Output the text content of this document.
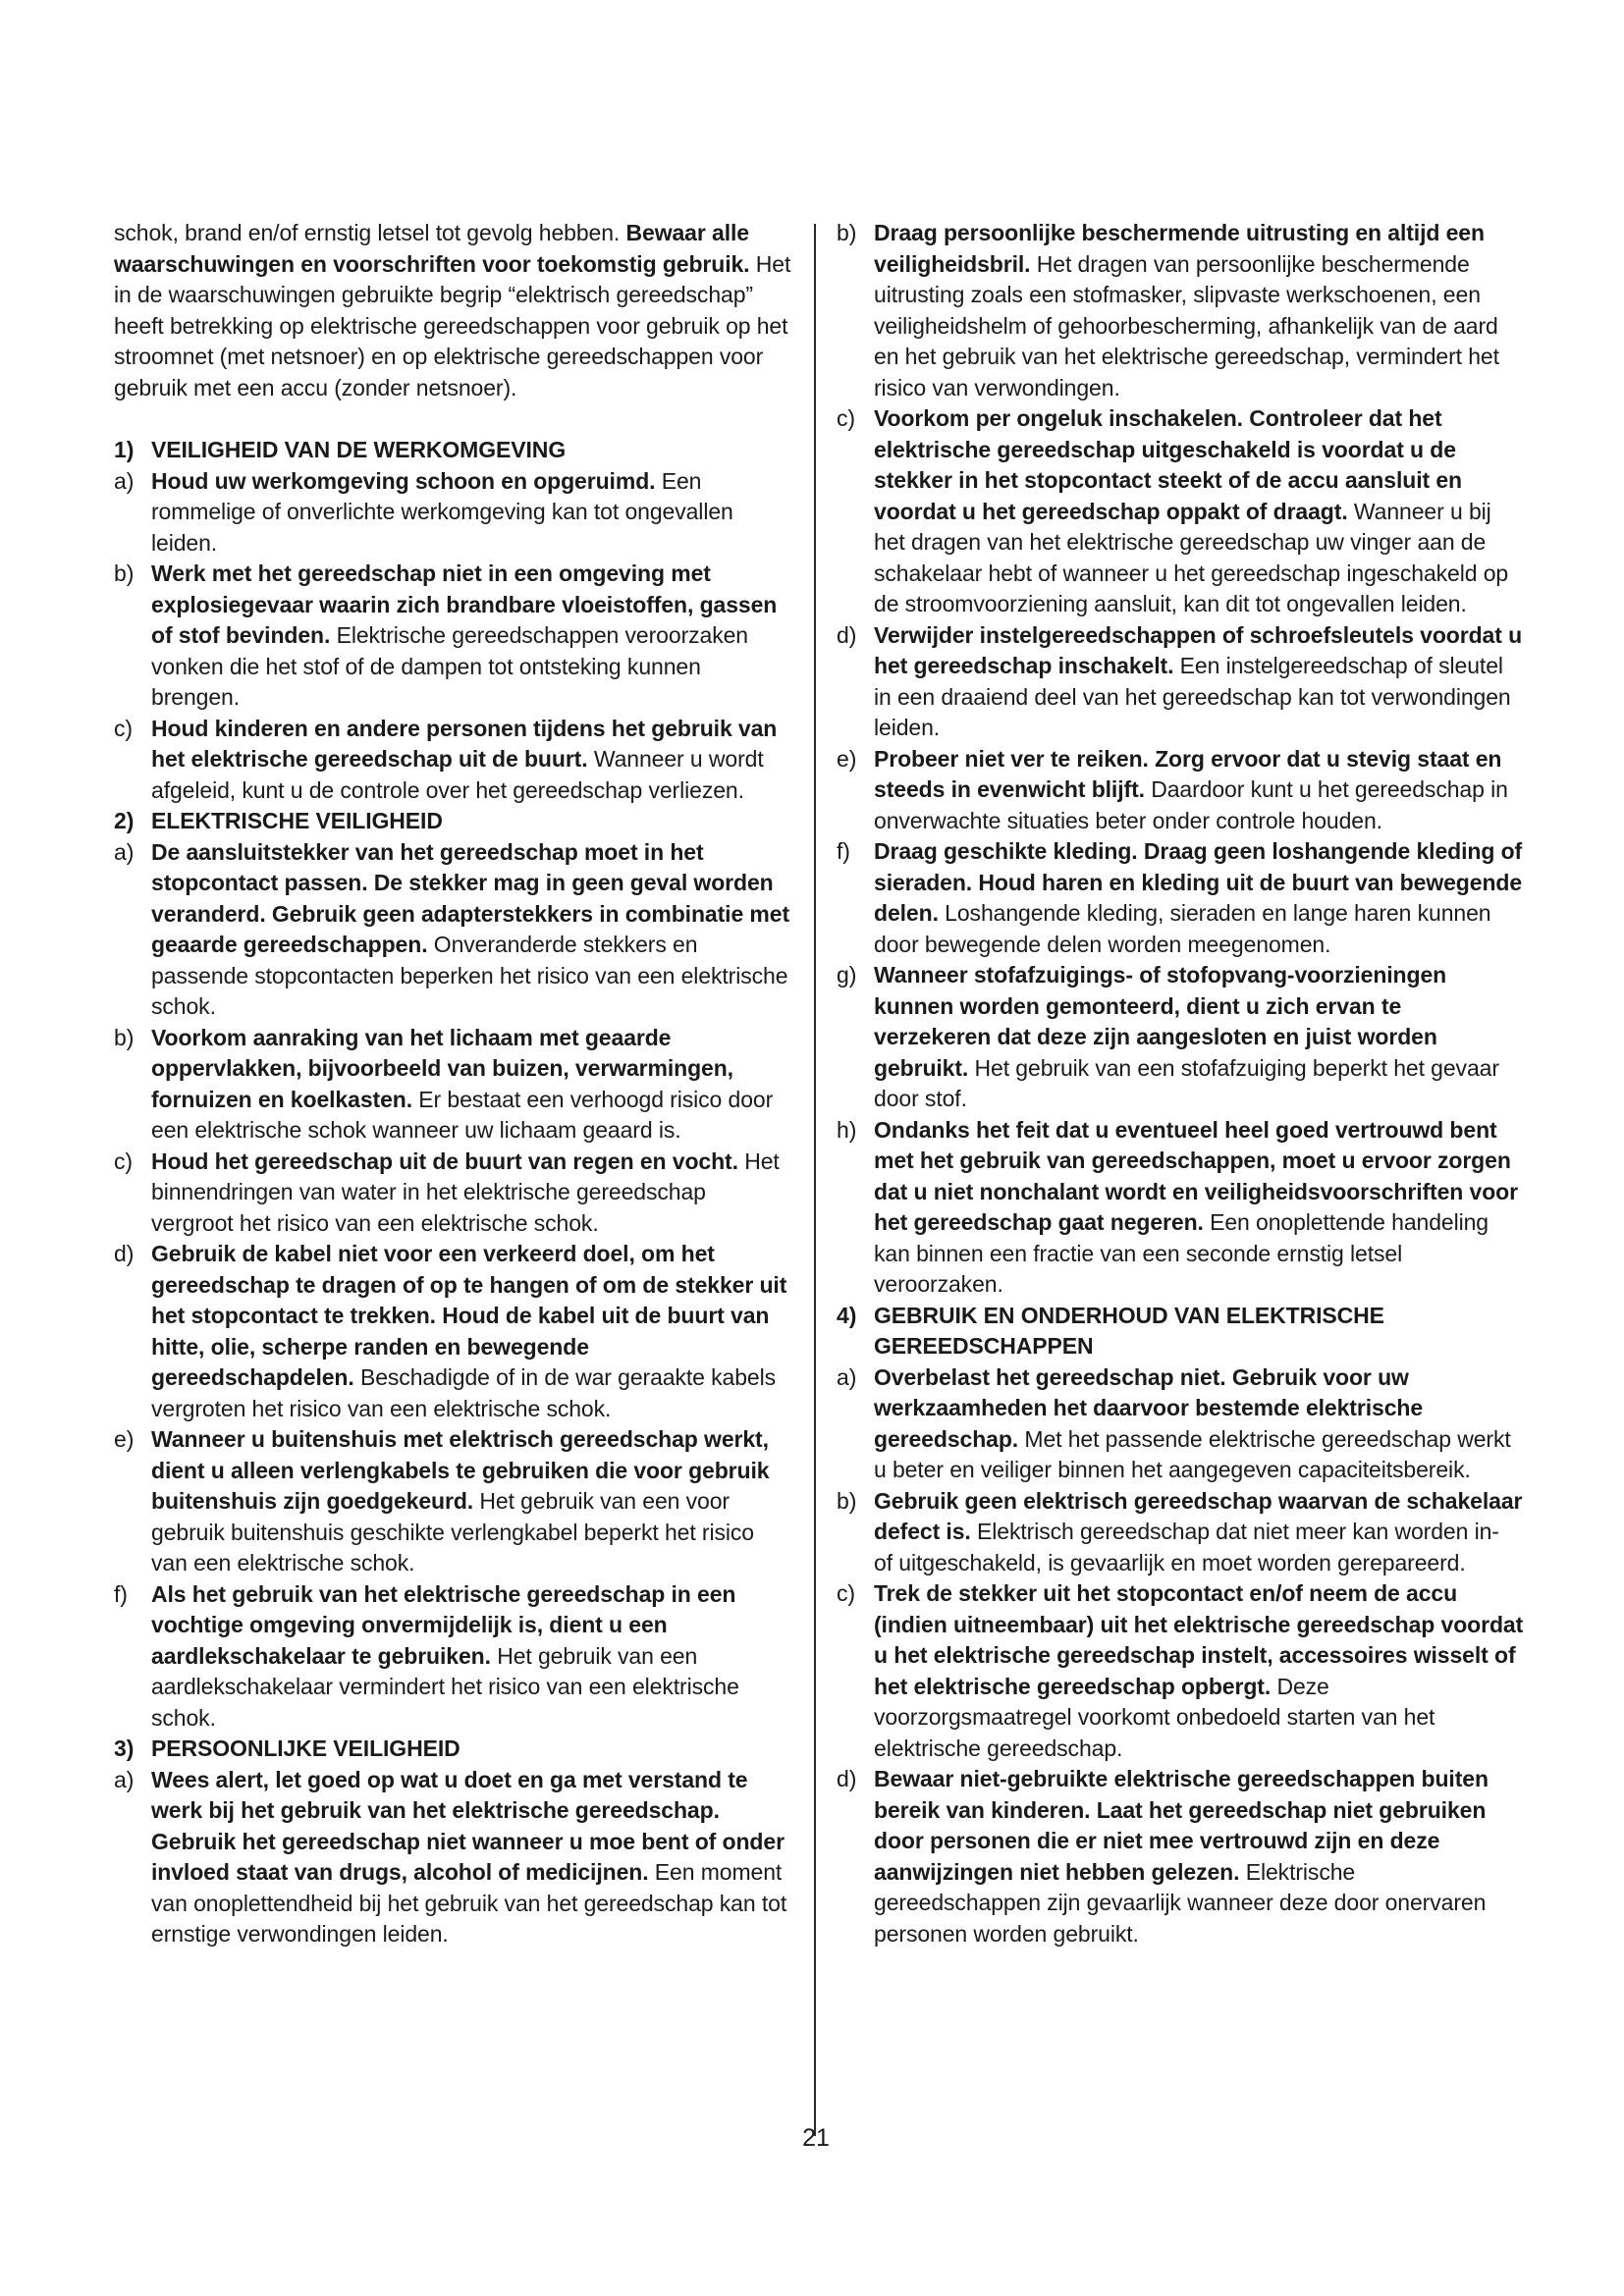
schok, brand en/of ernstig letsel tot gevolg hebben. Bewaar alle waarschuwingen en voorschriften voor toekomstig gebruik. Het in de waarschuwingen gebruikte begrip “elektrisch gereedschap” heeft betrekking op elektrische gereedschappen voor gebruik op het stroomnet (met netsnoer) en op elektrische gereedschappen voor gebruik met een accu (zonder netsnoer).

1) VEILIGHEID VAN DE WERKOMGEVING
a) Houd uw werkomgeving schoon en opgeruimd. Een rommelige of onverlichte werkomgeving kan tot ongevallen leiden.
b) Werk met het gereedschap niet in een omgeving met explosiegevaar waarin zich brandbare vloeistoffen, gassen of stof bevinden. Elektrische gereedschappen veroorzaken vonken die het stof of de dampen tot ontsteking kunnen brengen.
c) Houd kinderen en andere personen tijdens het gebruik van het elektrische gereedschap uit de buurt. Wanneer u wordt afgeleid, kunt u de controle over het gereedschap verliezen.
2) ELEKTRISCHE VEILIGHEID
a) De aansluitstekker van het gereedschap moet in het stopcontact passen. De stekker mag in geen geval worden veranderd. Gebruik geen adapterstekkers in combinatie met geaarde gereedschappen. Onveranderde stekkers en passende stopcontacten beperken het risico van een elektrische schok.
b) Voorkom aanraking van het lichaam met geaarde oppervlakken, bijvoorbeeld van buizen, verwarmingen, fornuizen en koelkasten. Er bestaat een verhoogd risico door een elektrische schok wanneer uw lichaam geaard is.
c) Houd het gereedschap uit de buurt van regen en vocht. Het binnendringen van water in het elektrische gereedschap vergroot het risico van een elektrische schok.
d) Gebruik de kabel niet voor een verkeerd doel, om het gereedschap te dragen of op te hangen of om de stekker uit het stopcontact te trekken. Houd de kabel uit de buurt van hitte, olie, scherpe randen en bewegende gereedschapdelen. Beschadigde of in de war geraakte kabels vergroten het risico van een elektrische schok.
e) Wanneer u buitenshuis met elektrisch gereedschap werkt, dient u alleen verlengkabels te gebruiken die voor gebruik buitenshuis zijn goedgekeurd. Het gebruik van een voor gebruik buitenshuis geschikte verlengkabel beperkt het risico van een elektrische schok.
f)	Als het gebruik van het elektrische gereedschap in een vochtige omgeving onvermijdelijk is, dient u een aardlekschakelaar te gebruiken. Het gebruik van een aardlekschakelaar vermindert het risico van een elektrische schok.
3) PERSOONLIJKE VEILIGHEID
a) Wees alert, let goed op wat u doet en ga met verstand te werk bij het gebruik van het elektrische gereedschap. Gebruik het gereedschap niet wanneer u moe bent of onder invloed staat van drugs, alcohol of medicijnen. Een moment van onoplettendheid bij het gebruik van het gereedschap kan tot ernstige verwondingen leiden.
b) Draag persoonlijke beschermende uitrusting en altijd een veiligheidsbril. Het dragen van persoonlijke beschermende uitrusting zoals een stofmasker, slipvaste werkschoenen, een veiligheidshelm of gehoorbescherming, afhankelijk van de aard en het gebruik van het elektrische gereedschap, vermindert het risico van verwondingen.
c) Voorkom per ongeluk inschakelen. Controleer dat het elektrische gereedschap uitgeschakeld is voordat u de stekker in het stopcontact steekt of de accu aansluit en voordat u het gereedschap oppakt of draagt. Wanneer u bij het dragen van het elektrische gereedschap uw vinger aan de schakelaar hebt of wanneer u het gereedschap ingeschakeld op de stroomvoorziening aansluit, kan dit tot ongevallen leiden.
d) Verwijder instelgereedschappen of schroefsleutels voordat u het gereedschap inschakelt. Een instelgereedschap of sleutel in een draaiend deel van het gereedschap kan tot verwondingen leiden.
e) Probeer niet ver te reiken. Zorg ervoor dat u stevig staat en steeds in evenwicht blijft. Daardoor kunt u het gereedschap in onverwachte situaties beter onder controle houden.
f)	Draag geschikte kleding. Draag geen loshangende kleding of sieraden. Houd haren en kleding uit de buurt van bewegende delen. Loshangende kleding, sieraden en lange haren kunnen door bewegende delen worden meegenomen.
g) Wanneer stofafzuigings- of stofopvang-voorzieningen kunnen worden gemonteerd, dient u zich ervan te verzekeren dat deze zijn aangesloten en juist worden gebruikt. Het gebruik van een stofafzuiging beperkt het gevaar door stof.
h) Ondanks het feit dat u eventueel heel goed vertrouwd bent met het gebruik van gereedschappen, moet u ervoor zorgen dat u niet nonchalant wordt en veiligheidsvoorschriften voor het gereedschap gaat negeren. Een onoplettende handeling kan binnen een fractie van een seconde ernstig letsel veroorzaken.
4) GEBRUIK EN ONDERHOUD VAN ELEKTRISCHE GEREEDSCHAPPEN
a) Overbelast het gereedschap niet. Gebruik voor uw werkzaamheden het daarvoor bestemde elektrische gereedschap. Met het passende elektrische gereedschap werkt u beter en veiliger binnen het aangegeven capaciteitsbereik.
b) Gebruik geen elektrisch gereedschap waarvan de schakelaar defect is. Elektrisch gereedschap dat niet meer kan worden in- of uitgeschakeld, is gevaarlijk en moet worden gerepareerd.
c) Trek de stekker uit het stopcontact en/of neem de accu (indien uitneembaar) uit het elektrische gereedschap voordat u het elektrische gereedschap instelt, accessoires wisselt of het elektrische gereedschap opbergt. Deze voorzorgsmaatregel voorkomt onbedoeld starten van het elektrische gereedschap.
d) Bewaar niet-gebruikte elektrische gereedschappen buiten bereik van kinderen. Laat het gereedschap niet gebruiken door personen die er niet mee vertrouwd zijn en deze aanwijzingen niet hebben gelezen. Elektrische gereedschappen zijn gevaarlijk wanneer deze door onervaren personen worden gebruikt.
21
